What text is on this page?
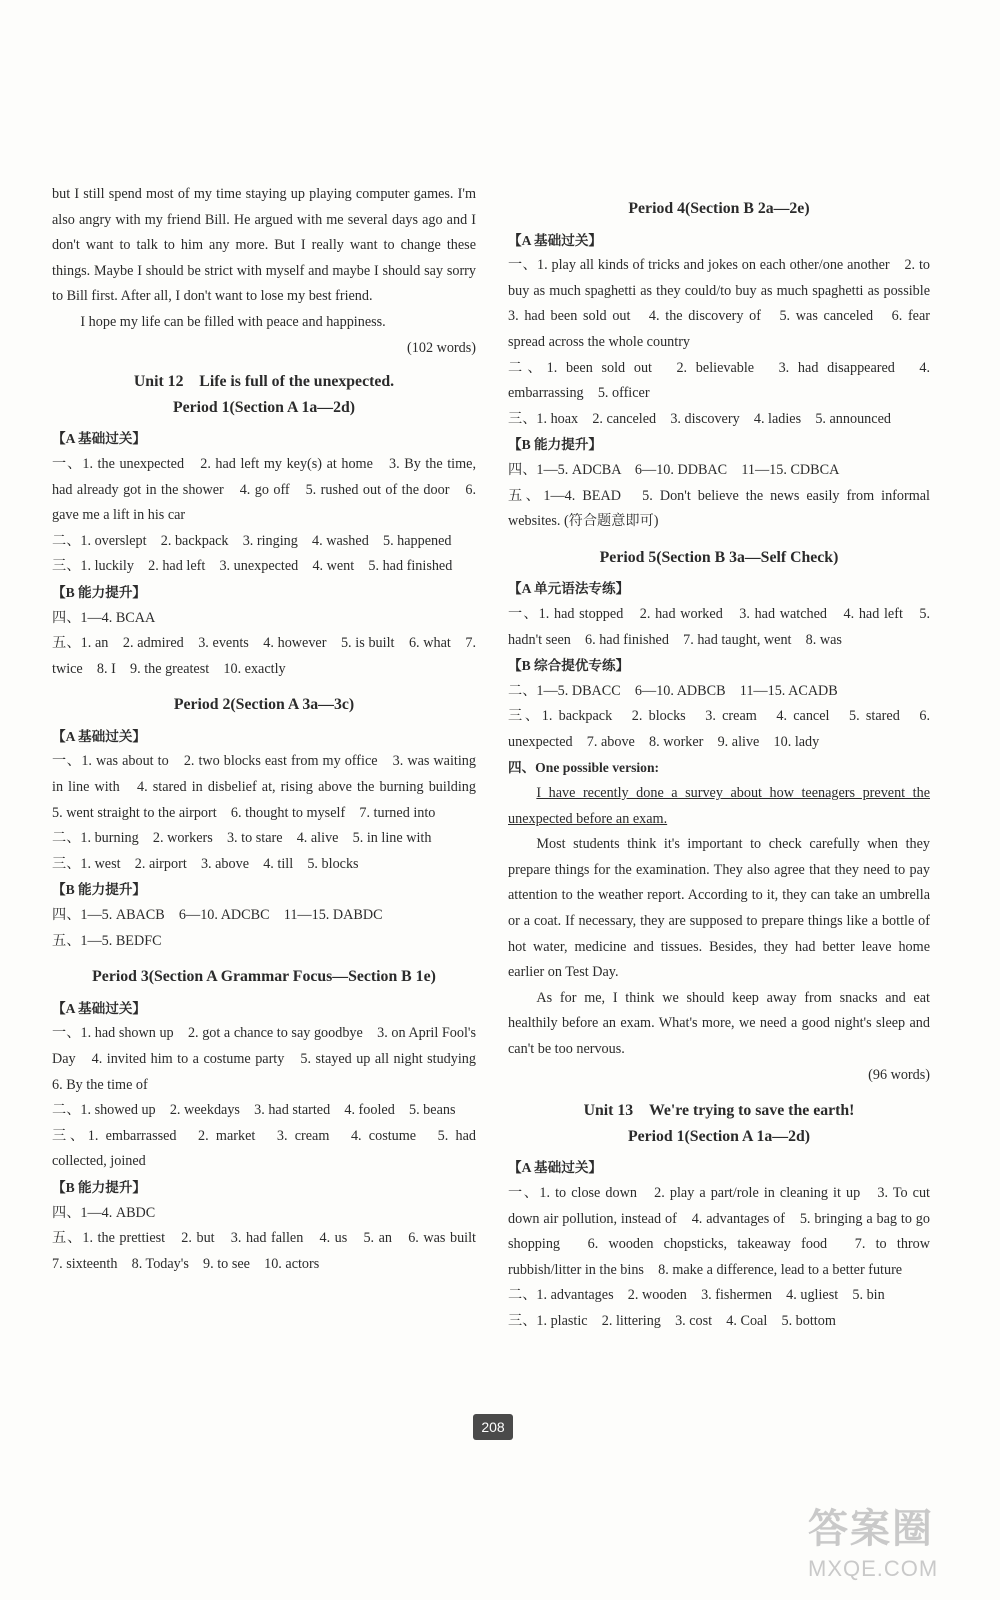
but I still spend most of my time staying up playing computer games. I'm also angry with my friend Bill. He argued with me several days ago and I don't want to talk to him any more. But I really want to change these things. Maybe I should be strict with myself and maybe I should say sorry to Bill first. After all, I don't want to lose my best friend.

I hope my life can be filled with peace and happiness.

(102 words)

Unit 12　Life is full of the unexpected.

Period 1(Section A 1a—2d)

【A 基础过关】

一、1. the unexpected　2. had left my key(s) at home　3. By the time, had already got in the shower　4. go off　5. rushed out of the door　6. gave me a lift in his car

二、1. overslept　2. backpack　3. ringing　4. washed　5. happened

三、1. luckily　2. had left　3. unexpected　4. went　5. had finished

【B 能力提升】

四、1—4. BCAA

五、1. an　2. admired　3. events　4. however　5. is built　6. what　7. twice　8. I　9. the greatest　10. exactly

Period 2(Section A 3a—3c)

【A 基础过关】

一、1. was about to　2. two blocks east from my office　3. was waiting in line with　4. stared in disbelief at, rising above the burning building　5. went straight to the airport　6. thought to myself　7. turned into

二、1. burning　2. workers　3. to stare　4. alive　5. in line with

三、1. west　2. airport　3. above　4. till　5. blocks

【B 能力提升】

四、1—5. ABACB　6—10. ADCBC　11—15. DABDC

五、1—5. BEDFC

Period 3(Section A Grammar Focus—Section B 1e)

【A 基础过关】

一、1. had shown up　2. got a chance to say goodbye　3. on April Fool's Day　4. invited him to a costume party　5. stayed up all night studying　6. By the time of

二、1. showed up　2. weekdays　3. had started　4. fooled　5. beans

三、1. embarrassed　2. market　3. cream　4. costume　5. had collected, joined

【B 能力提升】

四、1—4. ABDC

五、1. the prettiest　2. but　3. had fallen　4. us　5. an　6. was built　7. sixteenth　8. Today's　9. to see　10. actors

Period 4(Section B 2a—2e)

【A 基础过关】

一、1. play all kinds of tricks and jokes on each other/one another　2. to buy as much spaghetti as they could/to buy as much spaghetti as possible　3. had been sold out　4. the discovery of　5. was canceled　6. fear spread across the whole country

二、1. been sold out　2. believable　3. had disappeared　4. embarrassing　5. officer

三、1. hoax　2. canceled　3. discovery　4. ladies　5. announced

【B 能力提升】

四、1—5. ADCBA　6—10. DDBAC　11—15. CDBCA

五、1—4. BEAD　5. Don't believe the news easily from informal websites. (符合题意即可)

Period 5(Section B 3a—Self Check)

【A 单元语法专练】

一、1. had stopped　2. had worked　3. had watched　4. had left　5. hadn't seen　6. had finished　7. had taught, went　8. was

【B 综合提优专练】

二、1—5. DBACC　6—10. ADBCB　11—15. ACADB

三、1. backpack　2. blocks　3. cream　4. cancel　5. stared　6. unexpected　7. above　8. worker　9. alive　10. lady

四、One possible version:

I have recently done a survey about how teenagers prevent the unexpected before an exam.

Most students think it's important to check carefully when they prepare things for the examination. They also agree that they need to pay attention to the weather report. According to it, they can take an umbrella or a coat. If necessary, they are supposed to prepare things like a bottle of hot water, medicine and tissues. Besides, they had better leave home earlier on Test Day.

As for me, I think we should keep away from snacks and eat healthily before an exam. What's more, we need a good night's sleep and can't be too nervous.

(96 words)

Unit 13　We're trying to save the earth!

Period 1(Section A 1a—2d)

【A 基础过关】

一、1. to close down　2. play a part/role in cleaning it up　3. To cut down air pollution, instead of　4. advantages of　5. bringing a bag to go shopping　6. wooden chopsticks, takeaway food　7. to throw rubbish/litter in the bins　8. make a difference, lead to a better future

二、1. advantages　2. wooden　3. fishermen　4. ugliest　5. bin

三、1. plastic　2. littering　3. cost　4. Coal　5. bottom

208
答案圈
MXQE.COM
